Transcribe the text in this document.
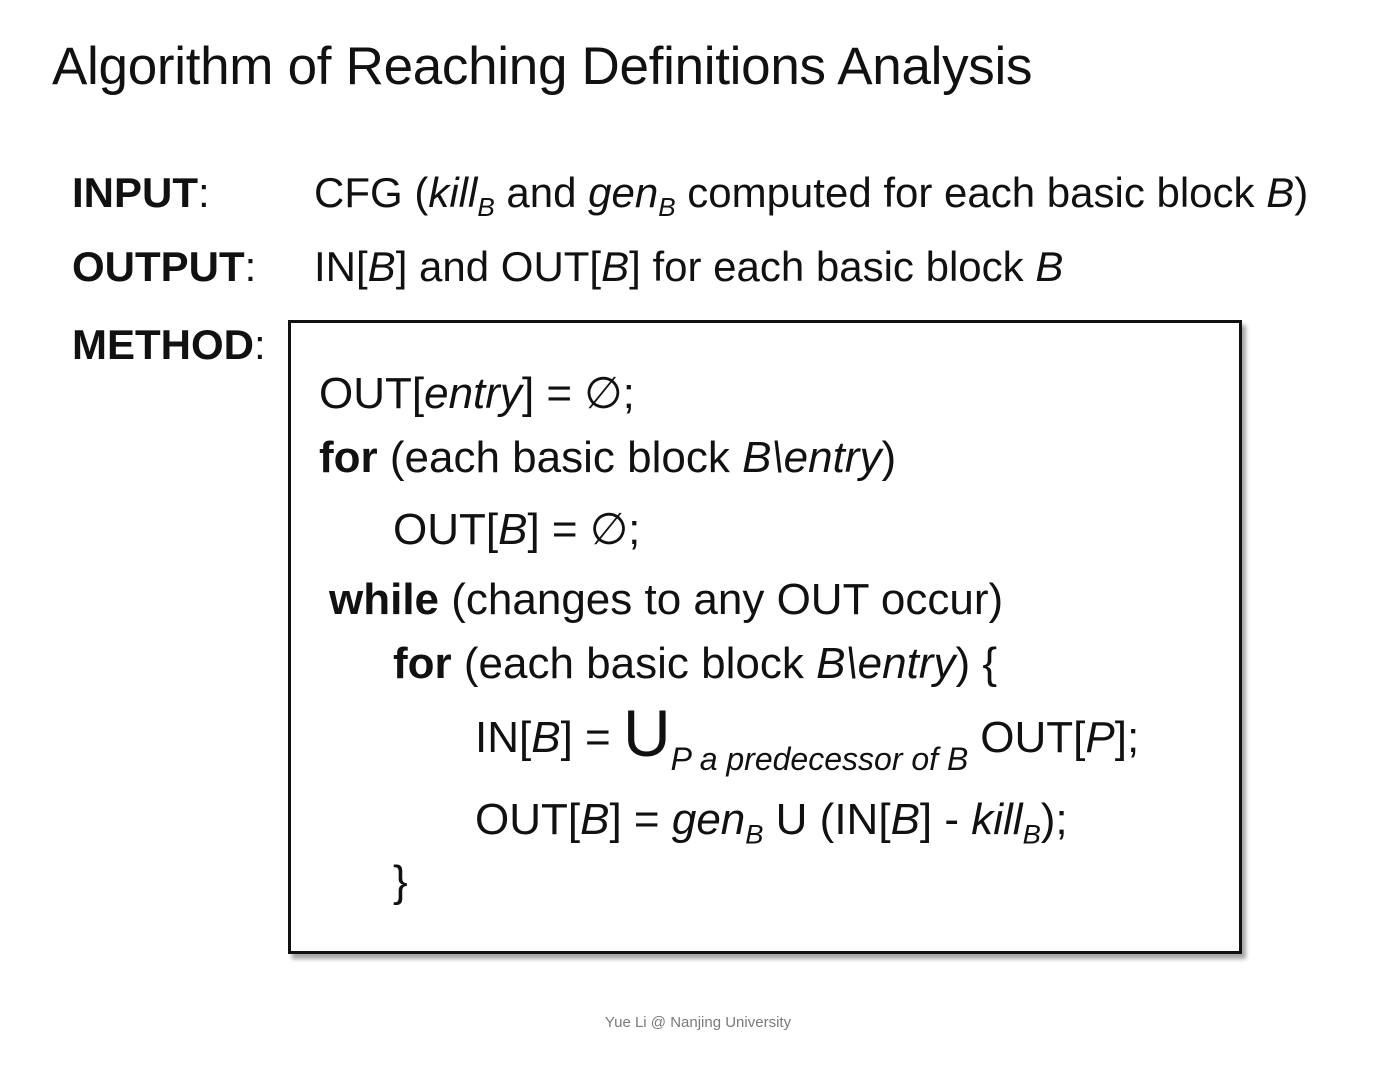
Algorithm of Reaching Definitions Analysis
INPUT: CFG (kill$_B$ and gen$_B$ computed for each basic block B)
OUTPUT: IN[B] and OUT[B] for each basic block B
METHOD:
OUT[entry] = ∅;
for (each basic block B\entry)
OUT[B] = ∅;
while (changes to any OUT occur)
for (each basic block B\entry) {
$IN[B] = U_{P a predecessor of B}$ OUT[P];
OUT[B] = gen$_B$ U (IN[B] - kill$_B$);
}
Yue Li @ Nanjing University
